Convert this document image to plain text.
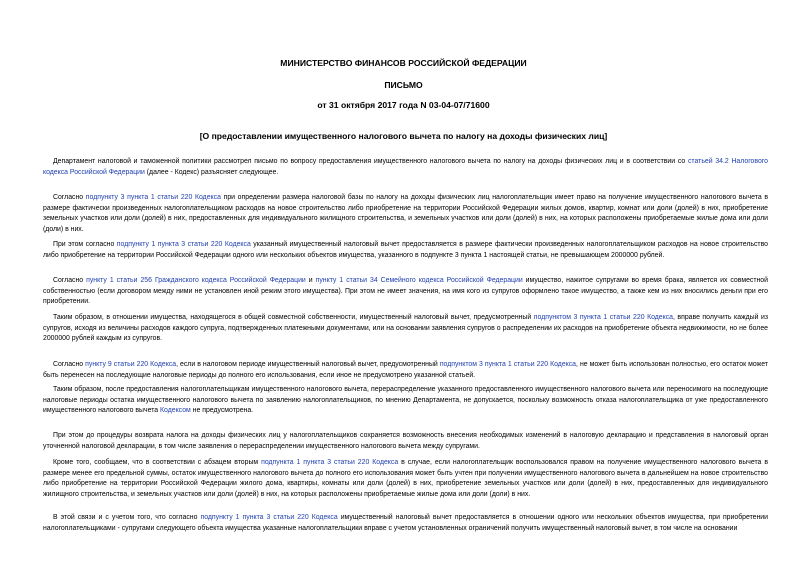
МИНИСТЕРСТВО ФИНАНСОВ РОССИЙСКОЙ ФЕДЕРАЦИИ
ПИСЬМО
от 31 октября 2017 года N 03-04-07/71600
[О предоставлении имущественного налогового вычета по налогу на доходы физических лиц]
Департамент налоговой и таможенной политики рассмотрел письмо по вопросу предоставления имущественного налогового вычета по налогу на доходы физических лиц и в соответствии со статьей 34.2 Налогового кодекса Российской Федерации (далее - Кодекс) разъясняет следующее.
Согласно подпункту 3 пункта 1 статьи 220 Кодекса при определении размера налоговой базы по налогу на доходы физических лиц налогоплательщик имеет право на получение имущественного налогового вычета в размере фактически произведенных налогоплательщиком расходов на новое строительство либо приобретение на территории Российской Федерации жилых домов, квартир, комнат или доли (долей) в них, приобретение земельных участков или доли (долей) в них, предоставленных для индивидуального жилищного строительства, и земельных участков или доли (долей) в них, на которых расположены приобретаемые жилые дома или доли (доли) в них.
При этом согласно подпункту 1 пункта 3 статьи 220 Кодекса указанный имущественный налоговый вычет предоставляется в размере фактически произведенных налогоплательщиком расходов на новое строительство либо приобретение на территории Российской Федерации одного или нескольких объектов имущества, указанного в подпункте 3 пункта 1 настоящей статьи, не превышающем 2000000 рублей.
Согласно пункту 1 статьи 256 Гражданского кодекса Российской Федерации и пункту 1 статьи 34 Семейного кодекса Российской Федерации имущество, нажитое супругами во время брака, является их совместной собственностью (если договором между ними не установлен иной режим этого имущества). При этом не имеет значения, на имя кого из супругов оформлено такое имущество, а также кем из них вносились деньги при его приобретении.
Таким образом, в отношении имущества, находящегося в общей совместной собственности, имущественный налоговый вычет, предусмотренный подпунктом 3 пункта 1 статьи 220 Кодекса, вправе получить каждый из супругов, исходя из величины расходов каждого супруга, подтвержденных платежными документами, или на основании заявления супругов о распределении их расходов на приобретение объекта недвижимости, но не более 2000000 рублей каждым из супругов.
Согласно пункту 9 статьи 220 Кодекса, если в налоговом периоде имущественный налоговый вычет, предусмотренный подпунктом 3 пункта 1 статьи 220 Кодекса, не может быть использован полностью, его остаток может быть перенесен на последующие налоговые периоды до полного его использования, если иное не предусмотрено указанной статьей.
Таким образом, после предоставления налогоплательщикам имущественного налогового вычета, перераспределение указанного предоставленного имущественного налогового вычета или переносимого на последующие налоговые периоды остатка имущественного налогового вычета по заявлению налогоплательщиков, по мнению Департамента, не допускается, поскольку возможность отказа налогоплательщика от уже предоставленного имущественного налогового вычета Кодексом не предусмотрена.
При этом до процедуры возврата налога на доходы физических лиц у налогоплательщиков сохраняется возможность внесения необходимых изменений в налоговую декларацию и представления в налоговый орган уточненной налоговой декларации, в том числе заявления о перераспределении имущественного налогового вычета между супругами.
Кроме того, сообщаем, что в соответствии с абзацем вторым подпункта 1 пункта 3 статьи 220 Кодекса в случае, если налогоплательщик воспользовался правом на получение имущественного налогового вычета в размере менее его предельной суммы, остаток имущественного налогового вычета до полного его использования может быть учтен при получении имущественного налогового вычета в дальнейшем на новое строительство либо приобретение на территории Российской Федерации жилого дома, квартиры, комнаты или доли (долей) в них, приобретение земельных участков или доли (долей) в них, предоставленных для индивидуального жилищного строительства, и земельных участков или доли (долей) в них, на которых расположены приобретаемые жилые дома или доли (доли) в них.
В этой связи и с учетом того, что согласно подпункту 1 пункта 3 статьи 220 Кодекса имущественный налоговый вычет предоставляется в отношении одного или нескольких объектов имущества, при приобретении налогоплательщиками - супругами следующего объекта имущества указанные налогоплательщики вправе с учетом установленных ограничений получить имущественный налоговый вычет, в том числе на основании
